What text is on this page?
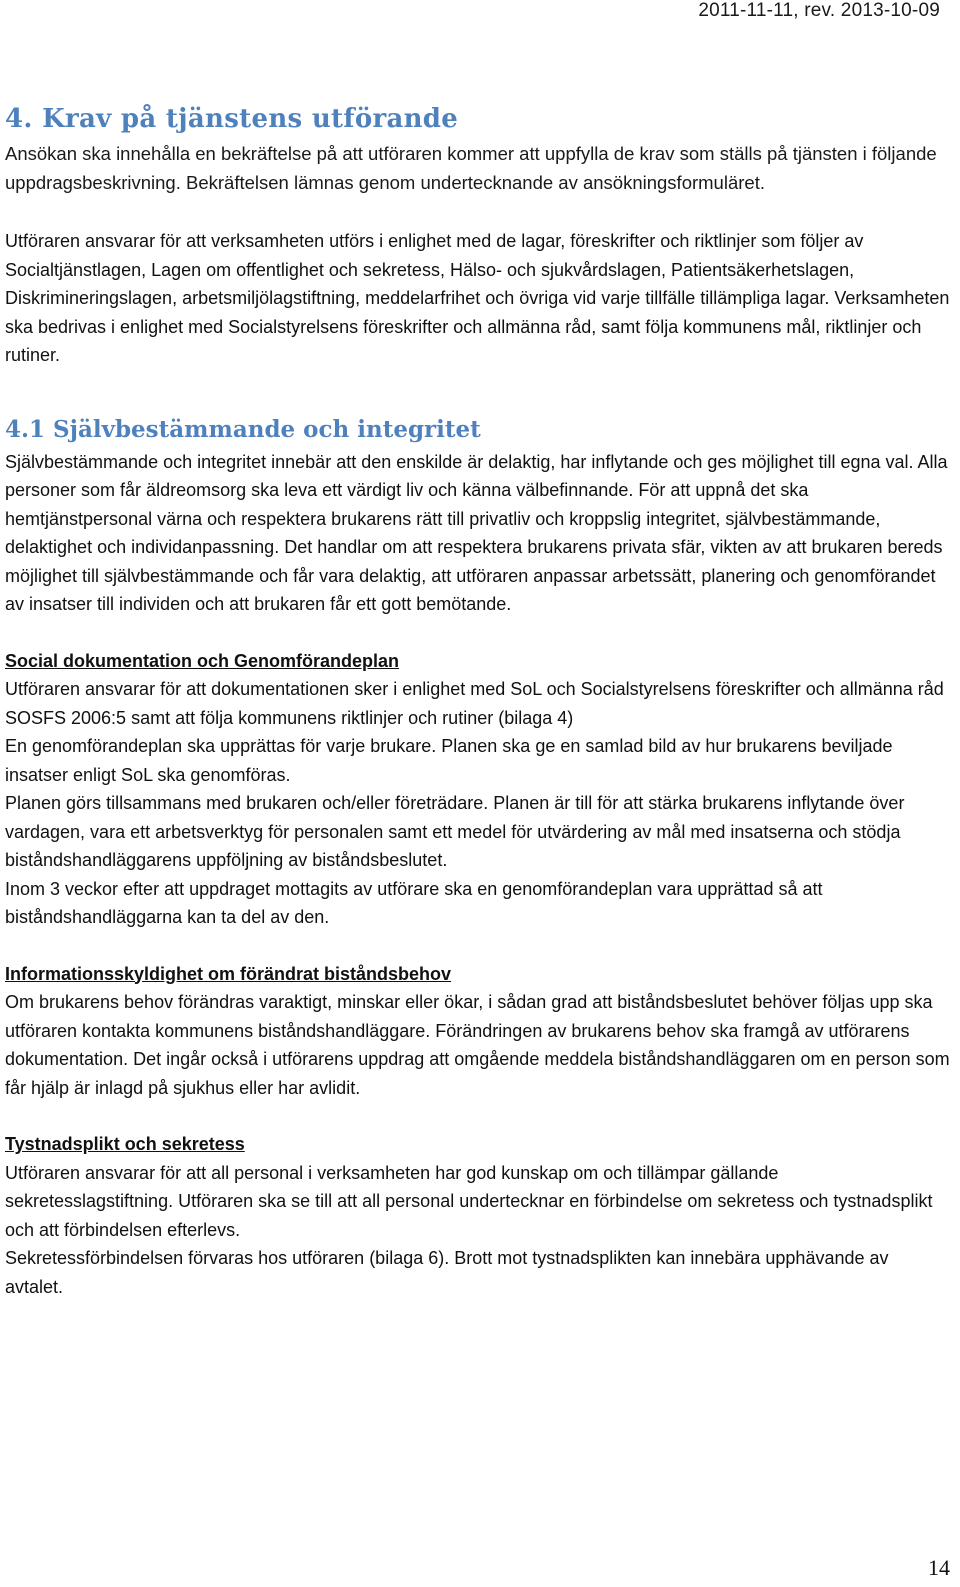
2011-11-11, rev. 2013-10-09
4. Krav på tjänstens utförande

Ansökan ska innehålla en bekräftelse på att utföraren kommer att uppfylla de krav som ställs på tjänsten i följande uppdragsbeskrivning. Bekräftelsen lämnas genom undertecknande av ansökningsformuläret.

Utföraren ansvarar för att verksamheten utförs i enlighet med de lagar, föreskrifter och riktlinjer som följer av Socialtjänstlagen, Lagen om offentlighet och sekretess, Hälso- och sjukvårdslagen, Patientsäkerhetslagen, Diskrimineringslagen, arbetsmiljölagstiftning, meddelarfrihet och övriga vid varje tillfälle tillämpliga lagar. Verksamheten ska bedrivas i enlighet med Socialstyrelsens föreskrifter och allmänna råd, samt följa kommunens mål, riktlinjer och rutiner.

4.1 Självbestämmande och integritet

Självbestämmande och integritet innebär att den enskilde är delaktig, har inflytande och ges möjlighet till egna val. Alla personer som får äldreomsorg ska leva ett värdigt liv och känna välbefinnande. För att uppnå det ska hemtjänstpersonal värna och respektera brukarens rätt till privatliv och kroppslig integritet, självbestämmande, delaktighet och individanpassning. Det handlar om att respektera brukarens privata sfär, vikten av att brukaren bereds möjlighet till självbestämmande och får vara delaktig, att utföraren anpassar arbetssätt, planering och genomförandet av insatser till individen och att brukaren får ett gott bemötande.

Social dokumentation och Genomförandeplan

Utföraren ansvarar för att dokumentationen sker i enlighet med SoL och Socialstyrelsens föreskrifter och allmänna råd SOSFS 2006:5 samt att följa kommunens riktlinjer och rutiner (bilaga 4)

En genomförandeplan ska upprättas för varje brukare. Planen ska ge en samlad bild av hur brukarens beviljade insatser enligt SoL ska genomföras.

Planen görs tillsammans med brukaren och/eller företrädare. Planen är till för att stärka brukarens inflytande över vardagen, vara ett arbetsverktyg för personalen samt ett medel för utvärdering av mål med insatserna och stödja biståndshandläggarens uppföljning av biståndsbeslutet.

Inom 3 veckor efter att uppdraget mottagits av utförare ska en genomförandeplan vara upprättad så att biståndshandläggarna kan ta del av den.

Informationsskyldighet om förändrat biståndsbehov

Om brukarens behov förändras varaktigt, minskar eller ökar, i sådan grad att biståndsbeslutet behöver följas upp ska utföraren kontakta kommunens biståndshandläggare. Förändringen av brukarens behov ska framgå av utförarens dokumentation. Det ingår också i utförarens uppdrag att omgående meddela biståndshandläggaren om en person som får hjälp är inlagd på sjukhus eller har avlidit.

Tystnadsplikt och sekretess

Utföraren ansvarar för att all personal i verksamheten har god kunskap om och tillämpar gällande sekretesslagstiftning. Utföraren ska se till att all personal undertecknar en förbindelse om sekretess och tystnadsplikt och att förbindelsen efterlevs.

Sekretessförbindelsen förvaras hos utföraren (bilaga 6). Brott mot tystnadsplikten kan innebära upphävande av avtalet.

14
